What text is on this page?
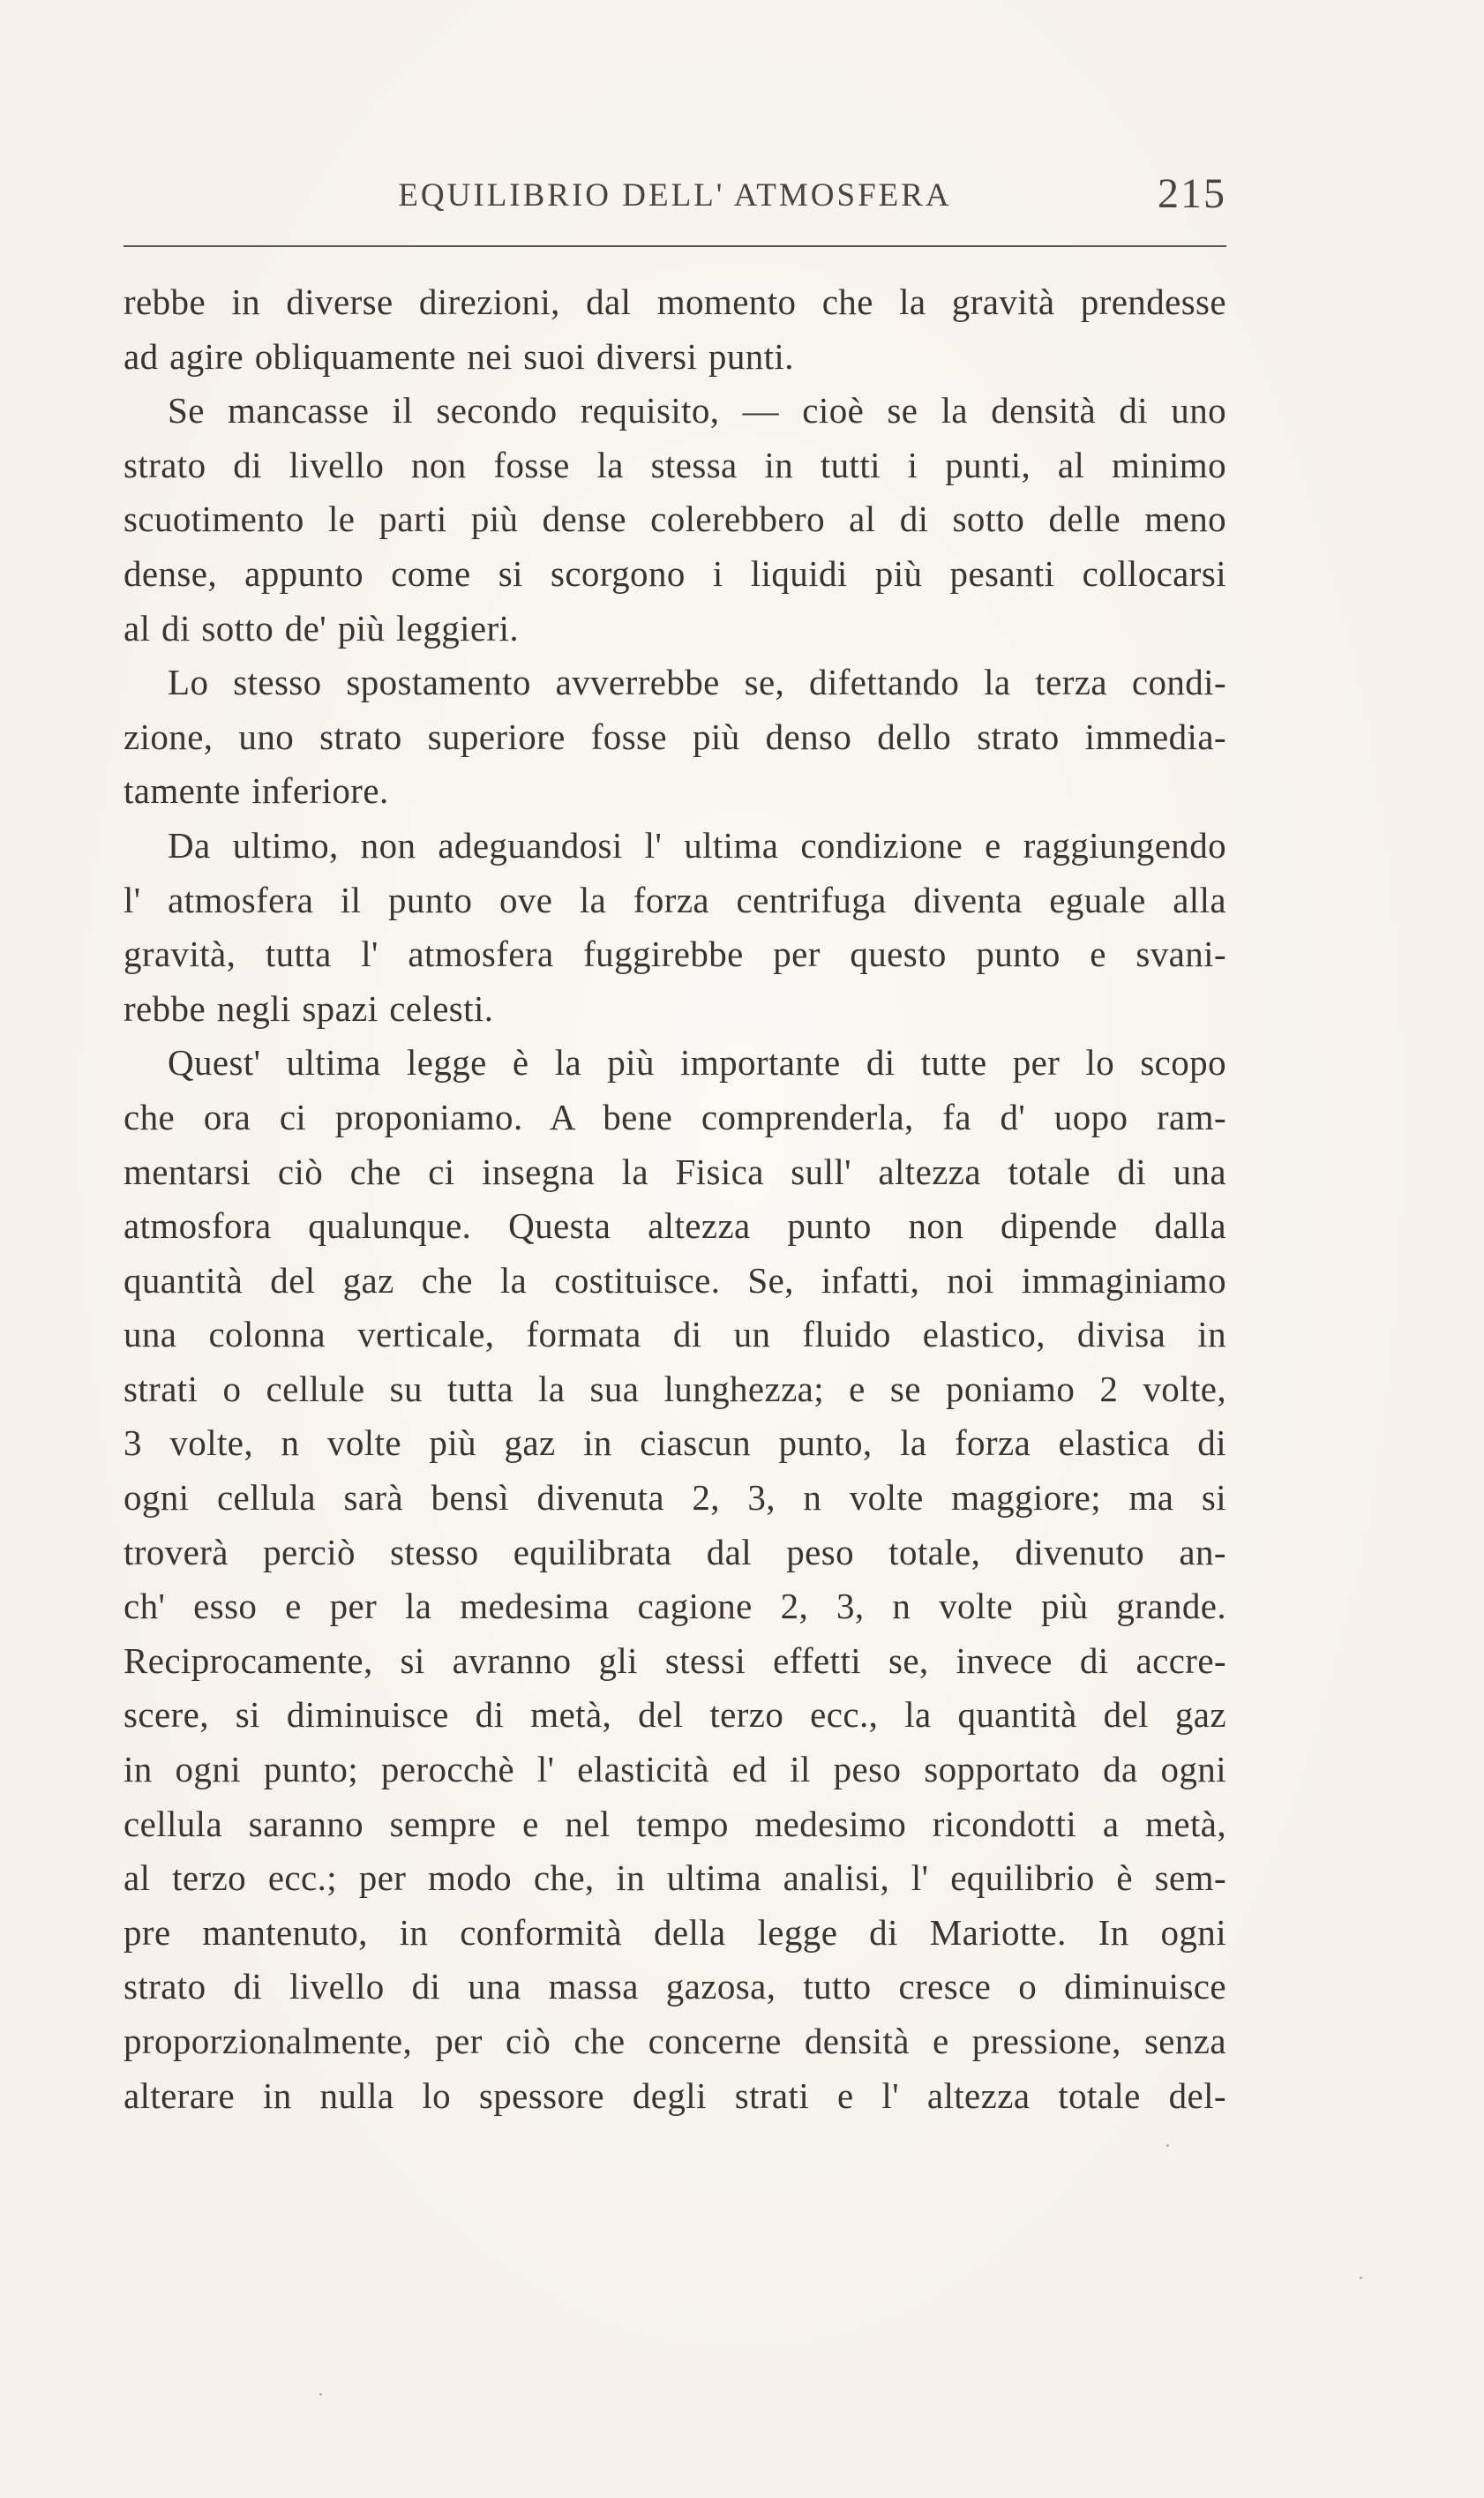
EQUILIBRIO DELL' ATMOSFERA	215
rebbe in diverse direzioni, dal momento che la gravità prendesse
ad agire obliquamente nei suoi diversi punti.
Se mancasse il secondo requisito, — cioè se la densità di uno
strato di livello non fosse la stessa in tutti i punti, al minimo
scuotimento le parti più dense colerebbero al di sotto delle meno
dense, appunto come si scorgono i liquidi più pesanti collocarsi
al di sotto de' più leggieri.
Lo stesso spostamento avverrebbe se, difettando la terza condi-
zione, uno strato superiore fosse più denso dello strato immedia-
tamente inferiore.
Da ultimo, non adeguandosi l' ultima condizione e raggiungendo
l' atmosfera il punto ove la forza centrifuga diventa eguale alla
gravità, tutta l' atmosfera fuggirebbe per questo punto e svani-
rebbe negli spazi celesti.
Quest' ultima legge è la più importante di tutte per lo scopo
che ora ci proponiamo. A bene comprenderla, fa d' uopo ram-
mentarsi ciò che ci insegna la Fisica sull' altezza totale di una
atmosfora qualunque. Questa altezza punto non dipende dalla
quantità del gaz che la costituisce. Se, infatti, noi immaginiamo
una colonna verticale, formata di un fluido elastico, divisa in
strati o cellule su tutta la sua lunghezza; e se poniamo 2 volte,
3 volte, n volte più gaz in ciascun punto, la forza elastica di
ogni cellula sarà bensì divenuta 2, 3, n volte maggiore; ma si
troverà perciò stesso equilibrata dal peso totale, divenuto an-
ch' esso e per la medesima cagione 2, 3, n volte più grande.
Reciprocamente, si avranno gli stessi effetti se, invece di accre-
scere, si diminuisce di metà, del terzo ecc., la quantità del gaz
in ogni punto; perocchè l' elasticità ed il peso sopportato da ogni
cellula saranno sempre e nel tempo medesimo ricondotti a metà,
al terzo ecc.; per modo che, in ultima analisi, l' equilibrio è sem-
pre mantenuto, in conformità della legge di Mariotte. In ogni
strato di livello di una massa gazosa, tutto cresce o diminuisce
proporzionalmente, per ciò che concerne densità e pressione, senza
alterare in nulla lo spessore degli strati e l' altezza totale del-
